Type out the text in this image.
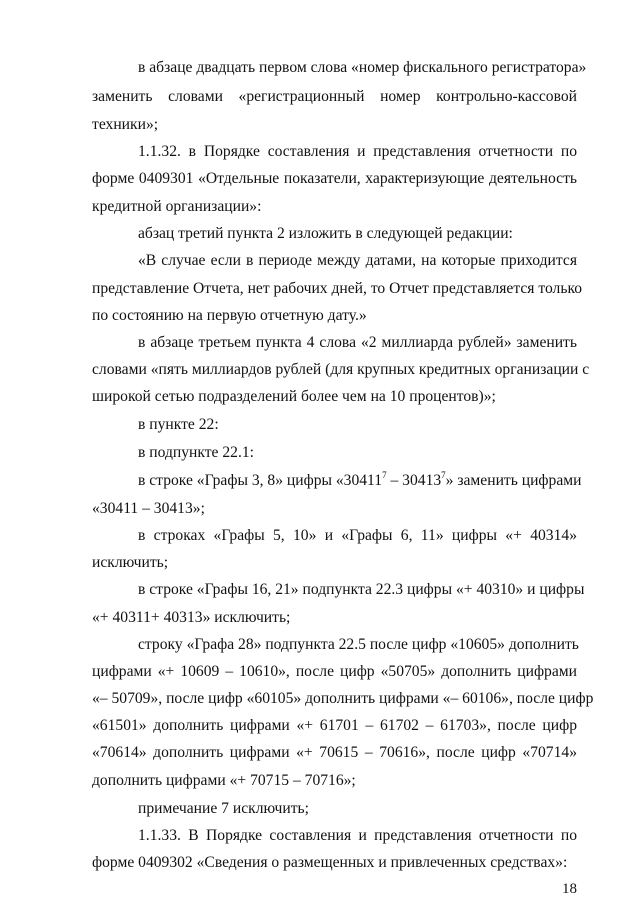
в абзаце двадцать первом слова «номер фискального регистратора»
заменить словами «регистрационный номер контрольно-кассовой
техники»;
1.1.32. в Порядке составления и представления отчетности по
форме 0409301 «Отдельные показатели, характеризующие деятельность
кредитной организации»:
абзац третий пункта 2 изложить в следующей редакции:
«В случае если в периоде между датами, на которые приходится
представление Отчета, нет рабочих дней, то Отчет представляется только
по состоянию на первую отчетную дату.»
в абзаце третьем пункта 4 слова «2 миллиарда рублей» заменить
словами «пять миллиардов рублей (для крупных кредитных организации с
широкой сетью подразделений более чем на 10 процентов)»;
в пункте 22:
в подпункте 22.1:
в строке «Графы 3, 8» цифры «30411$^7$ – 30413$^7$» заменить цифрами
«30411 – 30413»;
в строках «Графы 5, 10» и «Графы 6, 11» цифры «+ 40314»
исключить;
в строке «Графы 16, 21» подпункта 22.3 цифры «+ 40310» и цифры
«+ 40311+ 40313» исключить;
строку «Графа 28» подпункта 22.5 после цифр «10605» дополнить
цифрами «+ 10609 – 10610», после цифр «50705» дополнить цифрами
«– 50709», после цифр «60105» дополнить цифрами «– 60106», после цифр
«61501» дополнить цифрами «+ 61701 – 61702 – 61703», после цифр
«70614» дополнить цифрами «+ 70615 – 70616», после цифр «70714»
дополнить цифрами «+ 70715 – 70716»;
примечание 7 исключить;
1.1.33. В Порядке составления и представления отчетности по
форме 0409302 «Сведения о размещенных и привлеченных средствах»:
18
